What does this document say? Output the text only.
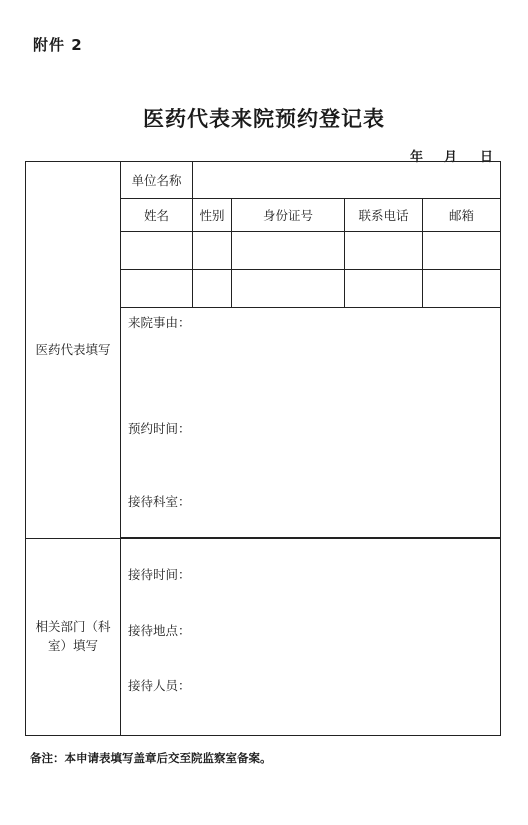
附件 2
医药代表来院预约登记表
年 月 日
医药代表填写	单位名称				
	姓名	性别	身份证号	联系电话	邮箱

	来院事由：
预约时间：
接待科室：				

相关部门（科室）填写	接待时间：
接待地点：
接待人员：				
备注：本申请表填写盖章后交至院监察室备案。
